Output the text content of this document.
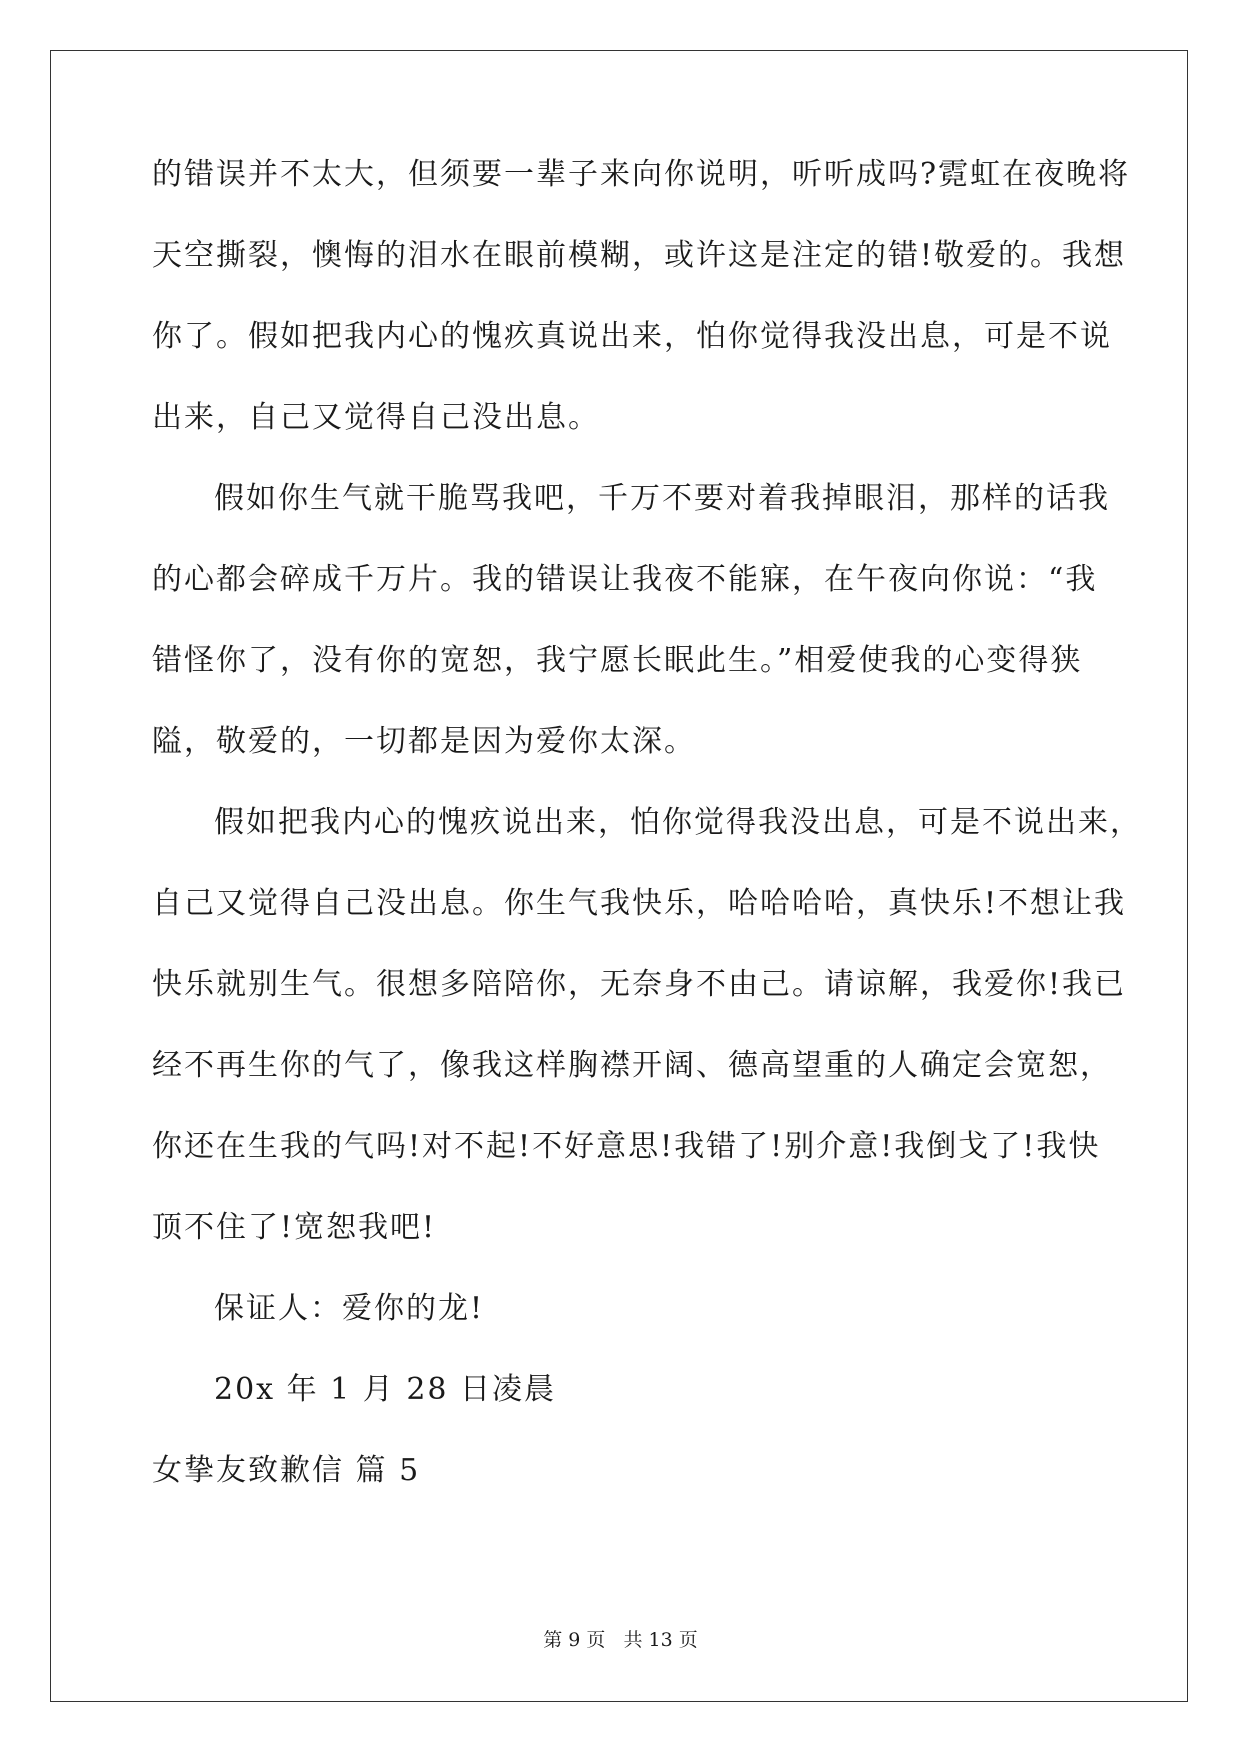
的错误并不太大，但须要一辈子来向你说明，听听成吗?霓虹在夜晚将
天空撕裂，懊悔的泪水在眼前模糊，或许这是注定的错!敬爱的。我想
你了。假如把我内心的愧疚真说出来，怕你觉得我没出息，可是不说
出来，自己又觉得自己没出息。
假如你生气就干脆骂我吧，千万不要对着我掉眼泪，那样的话我
的心都会碎成千万片。我的错误让我夜不能寐，在午夜向你说：“我
错怪你了，没有你的宽恕，我宁愿长眠此生。”相爱使我的心变得狭
隘，敬爱的，一切都是因为爱你太深。
假如把我内心的愧疚说出来，怕你觉得我没出息，可是不说出来，
自己又觉得自己没出息。你生气我快乐，哈哈哈哈，真快乐!不想让我
快乐就别生气。很想多陪陪你，无奈身不由己。请谅解，我爱你!我已
经不再生你的气了，像我这样胸襟开阔、德高望重的人确定会宽恕，
你还在生我的气吗!对不起!不好意思!我错了!别介意!我倒戈了!我快
顶不住了!宽恕我吧!
保证人：爱你的龙!
20x 年 1 月 28 日凌晨
女挚友致歉信 篇 5
第 9 页   共 13 页
